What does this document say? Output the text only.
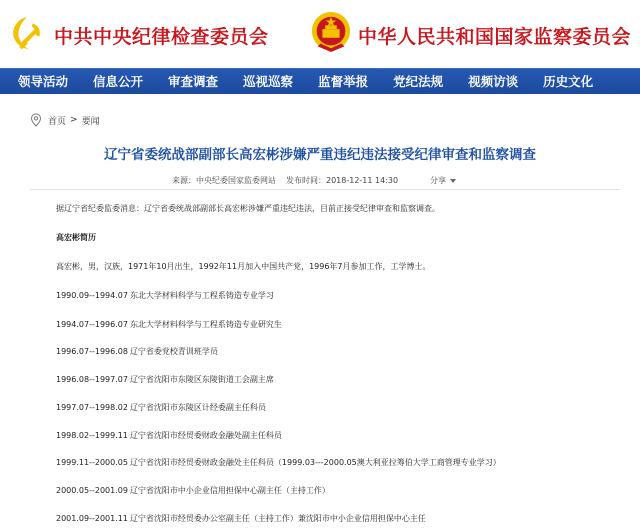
中共中央纪律检查委员会	中华人民共和国国家监察委员会
领导活动 信息公开 审查调查 巡视巡察 监督举报 党纪法规 视频访谈 历史文化
首页 > 要闻
辽宁省委统战部副部长高宏彬涉嫌严重违纪违法接受纪律审查和监察调查
来源：中央纪委国家监委网站 发布时间：2018-12-11 14:30	分享

据辽宁省纪委监委消息：辽宁省委统战部副部长高宏彬涉嫌严重违纪违法，目前正接受纪律审查和监察调查。

高宏彬简历

高宏彬，男，汉族，1971年10月出生，1992年11月加入中国共产党，1996年7月参加工作，工学博士。

1990.09--1994.07 东北大学材料科学与工程系铸造专业学习

1994.07--1996.07 东北大学材料科学与工程系铸造专业研究生

1996.07--1996.08 辽宁省委党校青训班学员

1996.08--1997.07 辽宁省沈阳市东陵区东陵街道工会副主席

1997.07--1998.02 辽宁省沈阳市东陵区计经委副主任科员

1998.02--1999.11 辽宁省沈阳市经贸委财政金融处副主任科员

1999.11--2000.05 辽宁省沈阳市经贸委财政金融处主任科员（1999.03---2000.05澳大利亚拉筹伯大学工商管理专业学习）

2000.05--2001.09 辽宁省沈阳市中小企业信用担保中心副主任（主持工作）

2001.09--2001.11 辽宁省沈阳市经贸委办公室副主任（主持工作）兼沈阳市中小企业信用担保中心主任
